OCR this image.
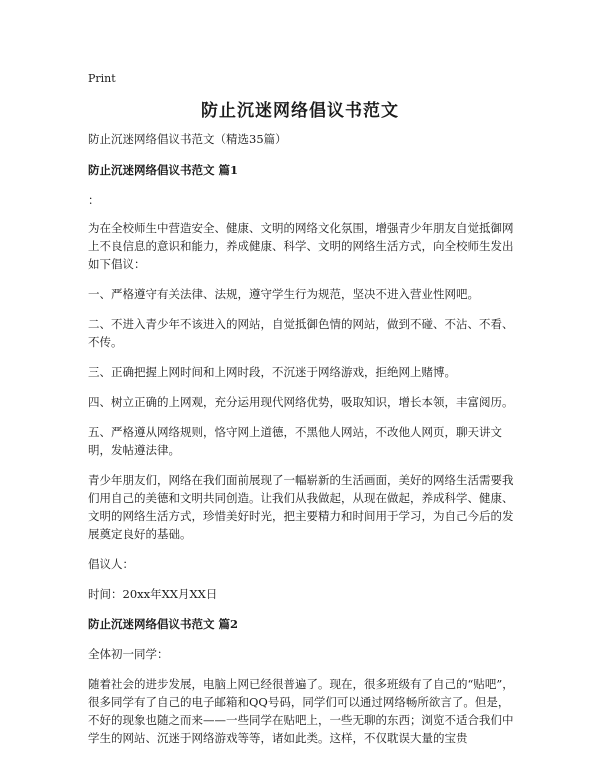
Print
防止沉迷网络倡议书范文

防止沉迷网络倡议书范文（精选35篇）

防止沉迷网络倡议书范文 篇1

：

为在全校师生中营造安全、健康、文明的网络文化氛围，增强青少年朋友自觉抵御网上不良信息的意识和能力，养成健康、科学、文明的网络生活方式，向全校师生发出如下倡议：

一、严格遵守有关法律、法规，遵守学生行为规范，坚决不进入营业性网吧。

二、不进入青少年不该进入的网站，自觉抵御色情的网站，做到不碰、不沾、不看、不传。

三、正确把握上网时间和上网时段，不沉迷于网络游戏，拒绝网上赌博。

四、树立正确的上网观，充分运用现代网络优势，吸取知识，增长本领，丰富阅历。

五、严格遵从网络规则，恪守网上道德，不黑他人网站，不改他人网页，聊天讲文明，发帖遵法律。

青少年朋友们，网络在我们面前展现了一幅崭新的生活画面，美好的网络生活需要我们用自己的美德和文明共同创造。让我们从我做起，从现在做起，养成科学、健康、文明的网络生活方式，珍惜美好时光，把主要精力和时间用于学习，为自己今后的发展奠定良好的基础。

倡议人：

时间：20xx年XX月XX日

防止沉迷网络倡议书范文 篇2

全体初一同学：

随着社会的进步发展，电脑上网已经很普遍了。现在，很多班级有了自己的“贴吧”，很多同学有了自己的电子邮箱和QQ号码，同学们可以通过网络畅所欲言了。但是，不好的现象也随之而来——一些同学在贴吧上，一些无聊的东西；浏览不适合我们中学生的网站、沉迷于网络游戏等等，诸如此类。这样，不仅耽误大量的宝贵
